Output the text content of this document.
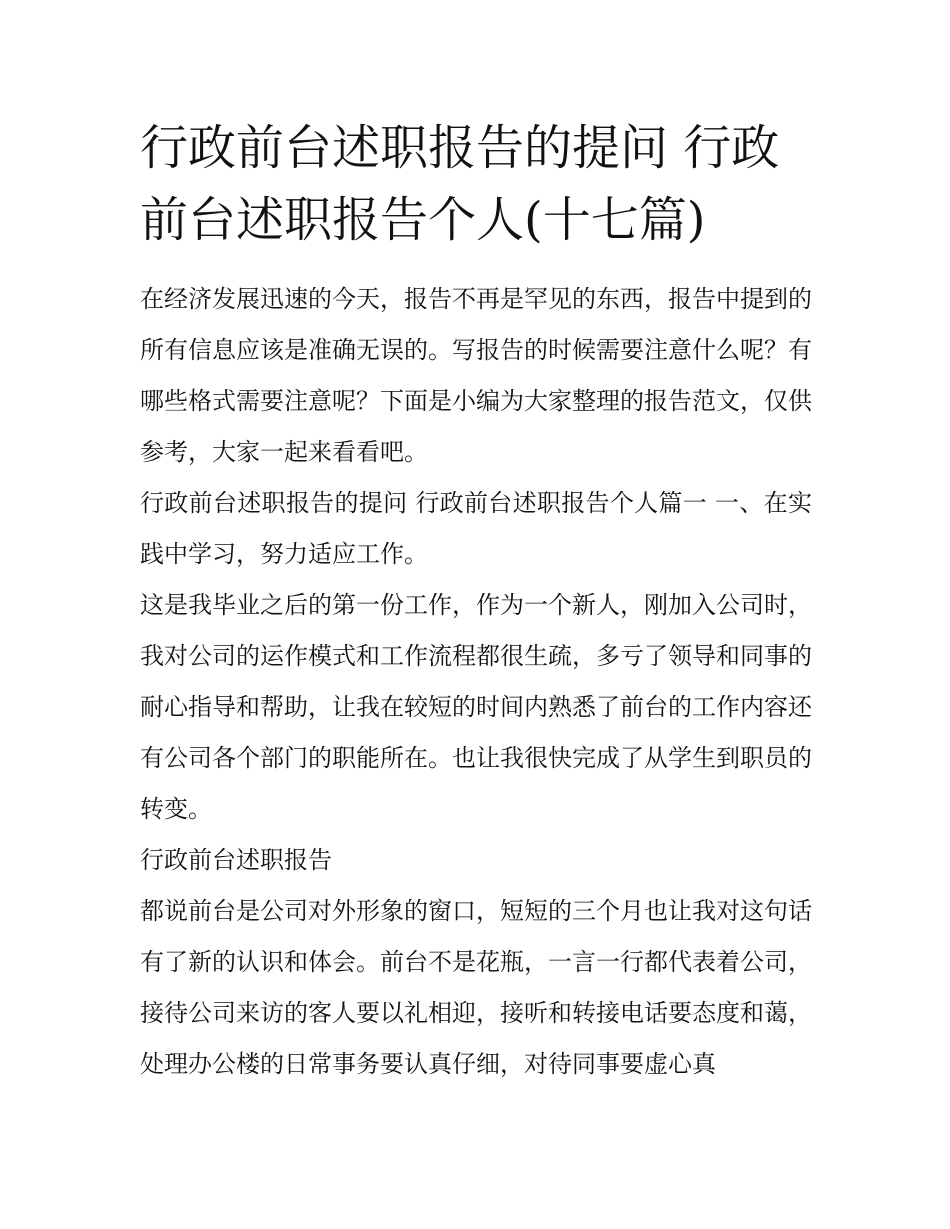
行政前台述职报告的提问 行政前台述职报告个人(十七篇)

在经济发展迅速的今天，报告不再是罕见的东西，报告中提到的所有信息应该是准确无误的。写报告的时候需要注意什么呢？有哪些格式需要注意呢？下面是小编为大家整理的报告范文，仅供参考，大家一起来看看吧。

行政前台述职报告的提问 行政前台述职报告个人篇一 一、在实践中学习，努力适应工作。

这是我毕业之后的第一份工作，作为一个新人，刚加入公司时，我对公司的运作模式和工作流程都很生疏，多亏了领导和同事的耐心指导和帮助，让我在较短的时间内熟悉了前台的工作内容还有公司各个部门的职能所在。也让我很快完成了从学生到职员的转变。

行政前台述职报告

都说前台是公司对外形象的窗口，短短的三个月也让我对这句话有了新的认识和体会。前台不是花瓶，一言一行都代表着公司，接待公司来访的客人要以礼相迎，接听和转接电话要态度和蔼，处理办公楼的日常事务要认真仔细，对待同事要虚心真
